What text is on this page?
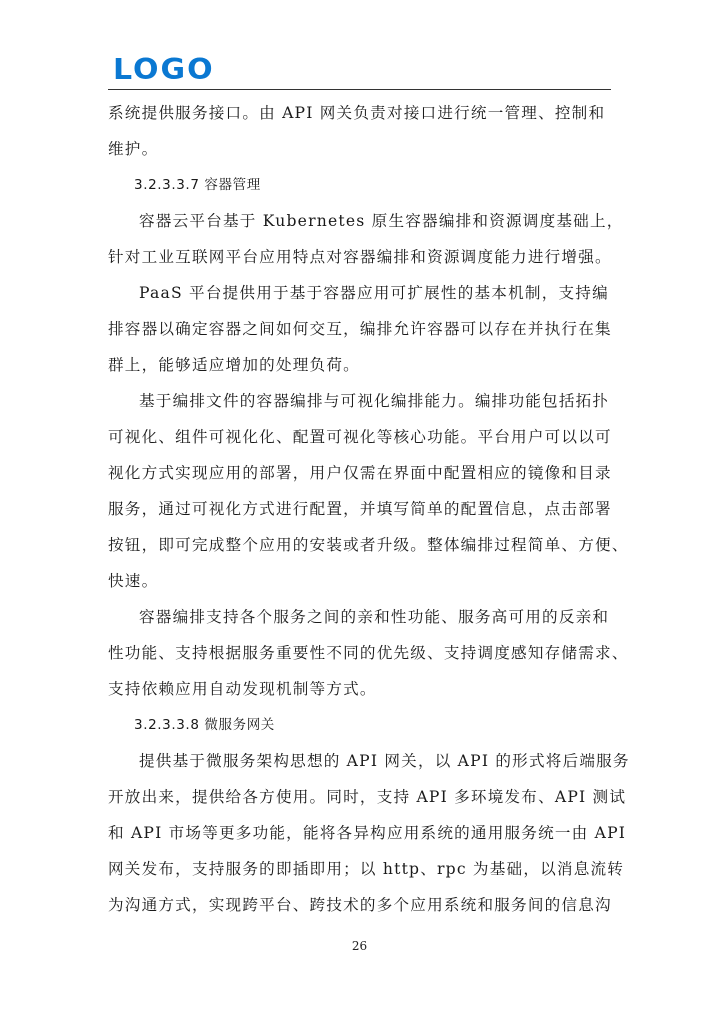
LOGO
系统提供服务接口。由 API 网关负责对接口进行统一管理、控制和
维护。
3.2.3.3.7 容器管理
容器云平台基于 Kubernetes 原生容器编排和资源调度基础上，
针对工业互联网平台应用特点对容器编排和资源调度能力进行增强。
PaaS 平台提供用于基于容器应用可扩展性的基本机制，支持编
排容器以确定容器之间如何交互，编排允许容器可以存在并执行在集
群上，能够适应增加的处理负荷。
基于编排文件的容器编排与可视化编排能力。编排功能包括拓扑
可视化、组件可视化化、配置可视化等核心功能。平台用户可以以可
视化方式实现应用的部署，用户仅需在界面中配置相应的镜像和目录
服务，通过可视化方式进行配置，并填写简单的配置信息，点击部署
按钮，即可完成整个应用的安装或者升级。整体编排过程简单、方便、
快速。
容器编排支持各个服务之间的亲和性功能、服务高可用的反亲和
性功能、支持根据服务重要性不同的优先级、支持调度感知存储需求、
支持依赖应用自动发现机制等方式。
3.2.3.3.8 微服务网关
提供基于微服务架构思想的 API 网关，以 API 的形式将后端服务
开放出来，提供给各方使用。同时，支持 API 多环境发布、API 测试
和 API 市场等更多功能，能将各异构应用系统的通用服务统一由 API
网关发布，支持服务的即插即用；以 http、rpc 为基础，以消息流转
为沟通方式，实现跨平台、跨技术的多个应用系统和服务间的信息沟
26
